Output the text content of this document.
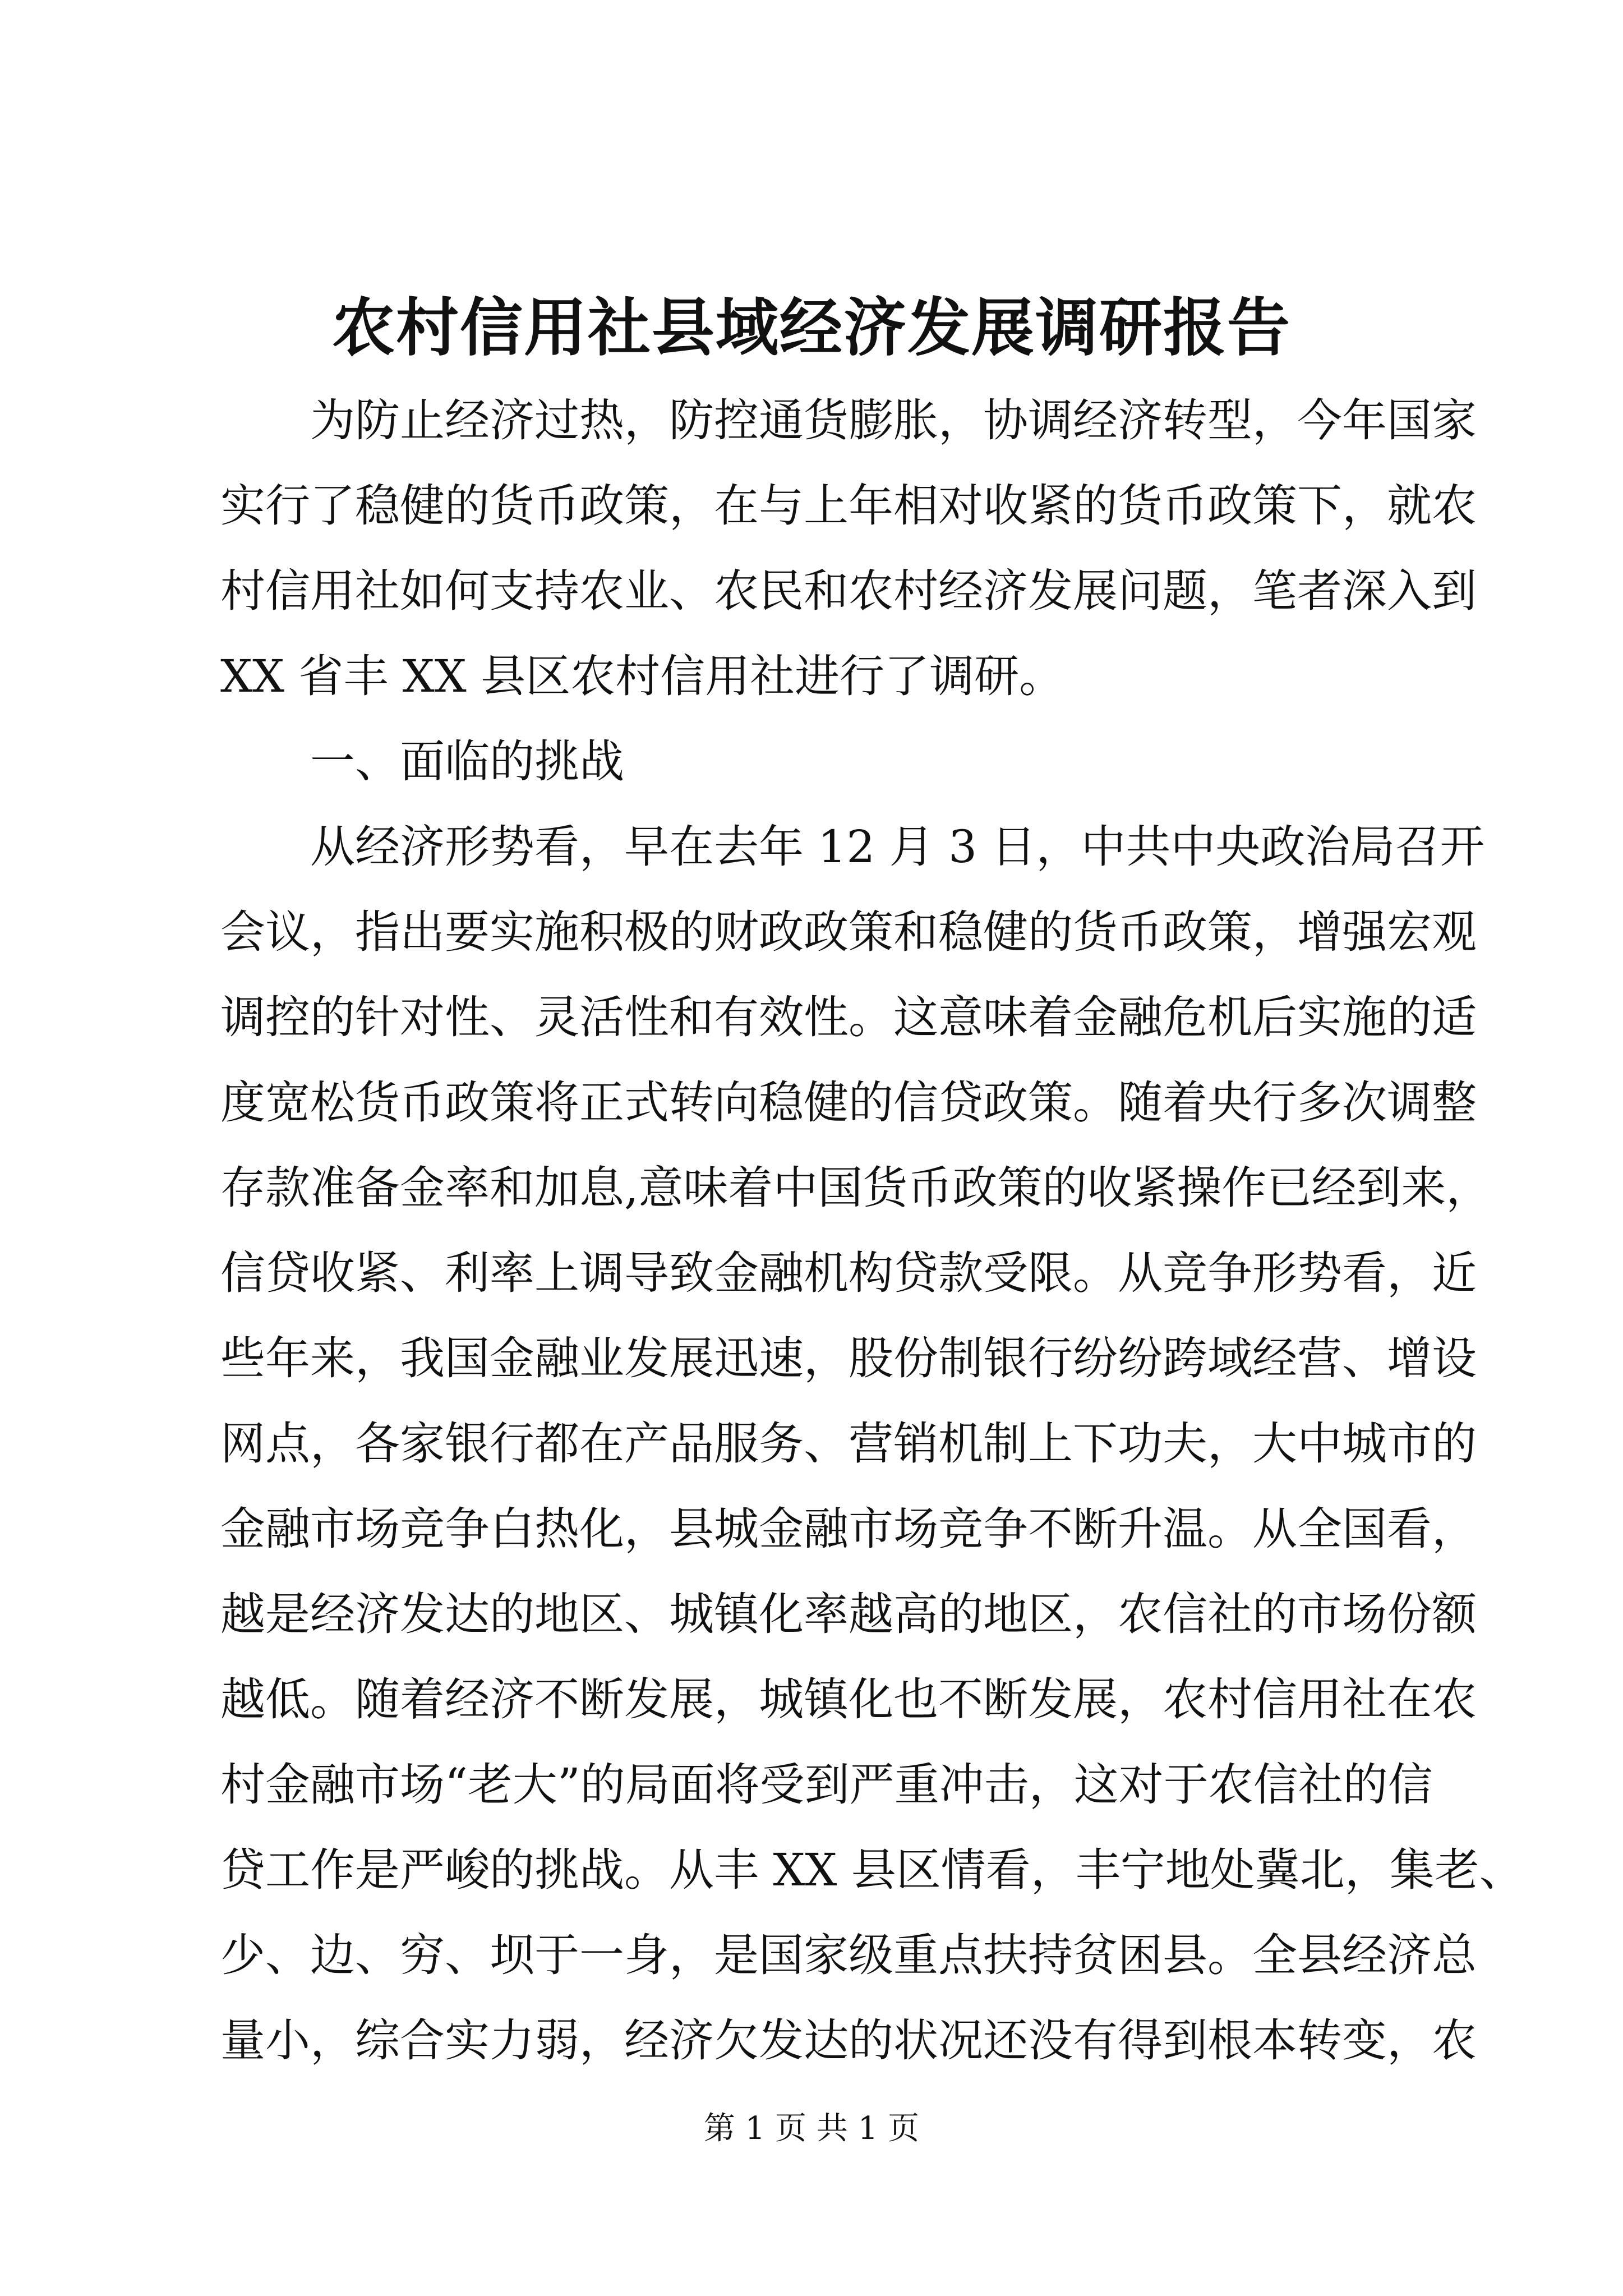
农村信用社县域经济发展调研报告
为防止经济过热，防控通货膨胀，协调经济转型，今年国家
实行了稳健的货币政策，在与上年相对收紧的货币政策下，就农
村信用社如何支持农业、农民和农村经济发展问题，笔者深入到
XX 省丰 XX 县区农村信用社进行了调研。
一、面临的挑战
从经济形势看，早在去年 12 月 3 日，中共中央政治局召开
会议，指出要实施积极的财政政策和稳健的货币政策，增强宏观
调控的针对性、灵活性和有效性。这意味着金融危机后实施的适
度宽松货币政策将正式转向稳健的信贷政策。随着央行多次调整
存款准备金率和加息,意味着中国货币政策的收紧操作已经到来，
信贷收紧、利率上调导致金融机构贷款受限。从竞争形势看，近
些年来，我国金融业发展迅速，股份制银行纷纷跨域经营、增设
网点，各家银行都在产品服务、营销机制上下功夫，大中城市的
金融市场竞争白热化，县城金融市场竞争不断升温。从全国看，
越是经济发达的地区、城镇化率越高的地区，农信社的市场份额
越低。随着经济不断发展，城镇化也不断发展，农村信用社在农
村金融市场“老大”的局面将受到严重冲击，这对于农信社的信
贷工作是严峻的挑战。从丰 XX 县区情看，丰宁地处冀北，集老、
少、边、穷、坝于一身，是国家级重点扶持贫困县。全县经济总
量小，综合实力弱，经济欠发达的状况还没有得到根本转变，农
第 1 页 共 1 页
